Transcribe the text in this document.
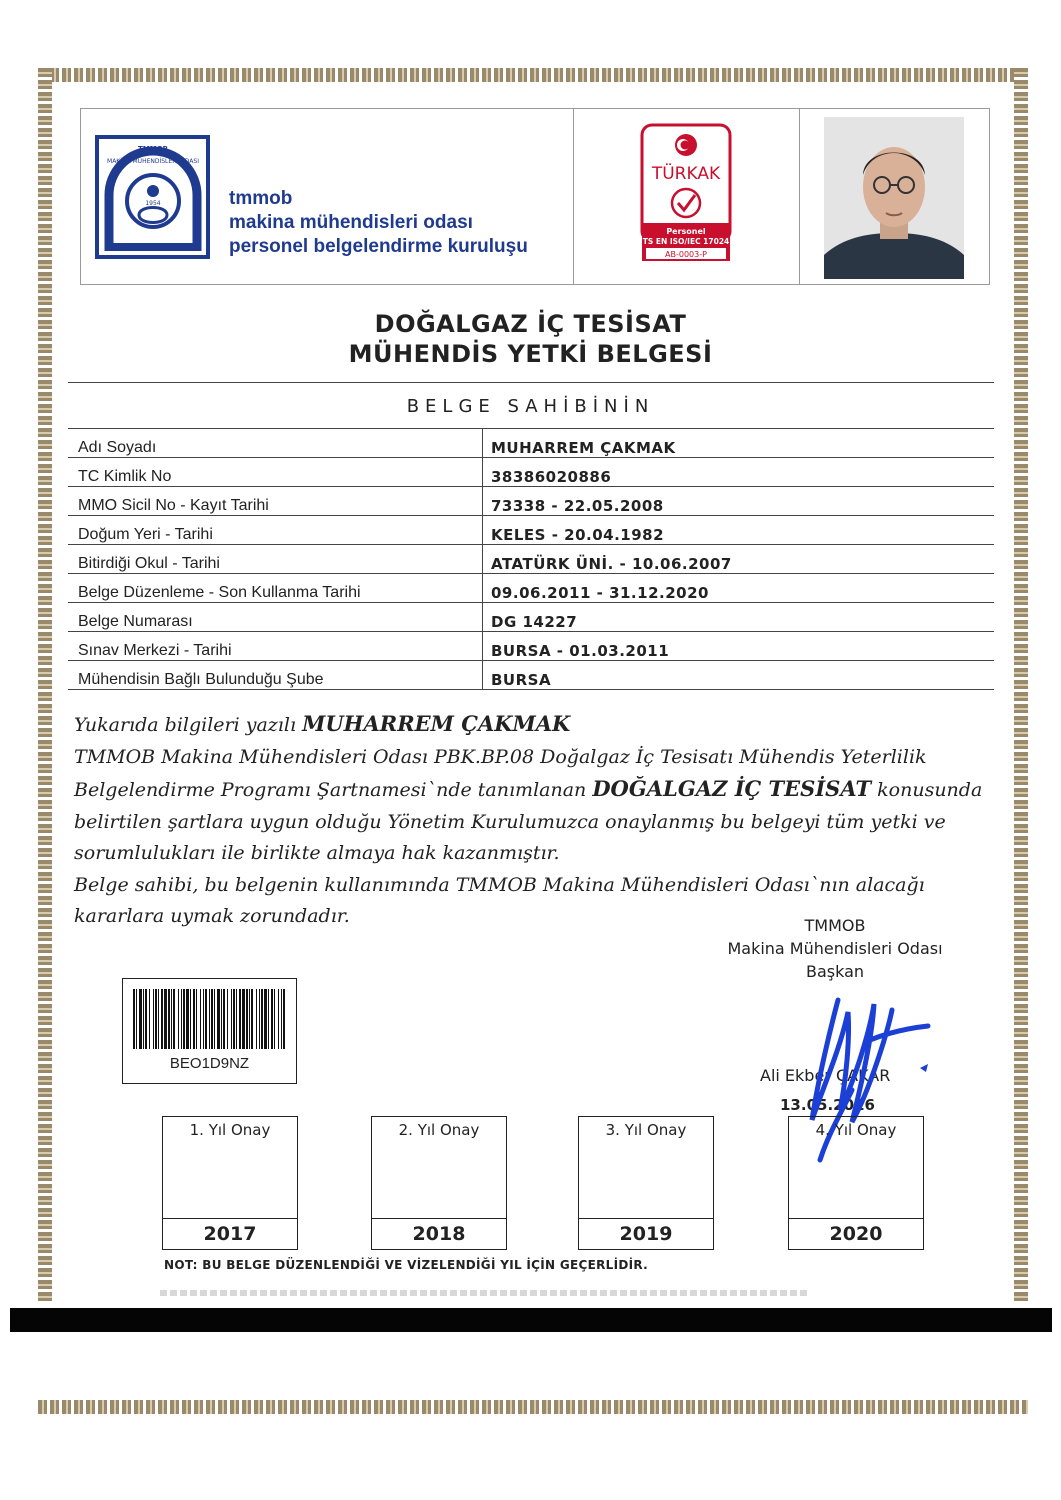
TMMOB
MAKİNA MÜHENDİSLERİ ODASI
1954	tmmob
makina mühendisleri odası
personel belgelendirme kuruluşu
TÜRKAK
Personel
TS EN ISO/IEC 17024
AB-0003-P
DOĞALGAZ İÇ TESİSAT
MÜHENDİS YETKİ BELGESİ
BELGE SAHİBİNİN
Adı Soyadı	MUHARREM ÇAKMAK
TC Kimlik No	38386020886
MMO Sicil No - Kayıt Tarihi	73338 - 22.05.2008
Doğum Yeri - Tarihi	KELES - 20.04.1982
Bitirdiği Okul - Tarihi	ATATÜRK ÜNİ. - 10.06.2007
Belge Düzenleme - Son Kullanma Tarihi	09.06.2011 - 31.12.2020
Belge Numarası	DG 14227
Sınav Merkezi - Tarihi	BURSA - 01.03.2011
Mühendisin Bağlı Bulunduğu Şube	BURSA
Yukarıda bilgileri yazılı MUHARREM ÇAKMAK
TMMOB Makina Mühendisleri Odası PBK.BP.08 Doğalgaz İç Tesisatı Mühendis Yeterlilik Belgelendirme Programı Şartnamesi`nde tanımlanan DOĞALGAZ İÇ TESİSAT konusunda belirtilen şartlara uygun olduğu Yönetim Kurulumuzca onaylanmış bu belgeyi tüm yetki ve sorumlulukları ile birlikte almaya hak kazanmıştır.
Belge sahibi, bu belgenin kullanımında TMMOB Makina Mühendisleri Odası`nın alacağı kararlara uymak zorundadır.	TMMOB
Makina Mühendisleri Odası
Başkan
Ali Ekber ÇAKAR
13.05.2016
BEO1D9NZ
1. Yıl Onay
2017
2. Yıl Onay
2018
3. Yıl Onay
2019
4. Yıl Onay
2020
NOT: BU BELGE DÜZENLENDİĞİ VE VİZELENDİĞİ YIL İÇİN GEÇERLİDİR.
